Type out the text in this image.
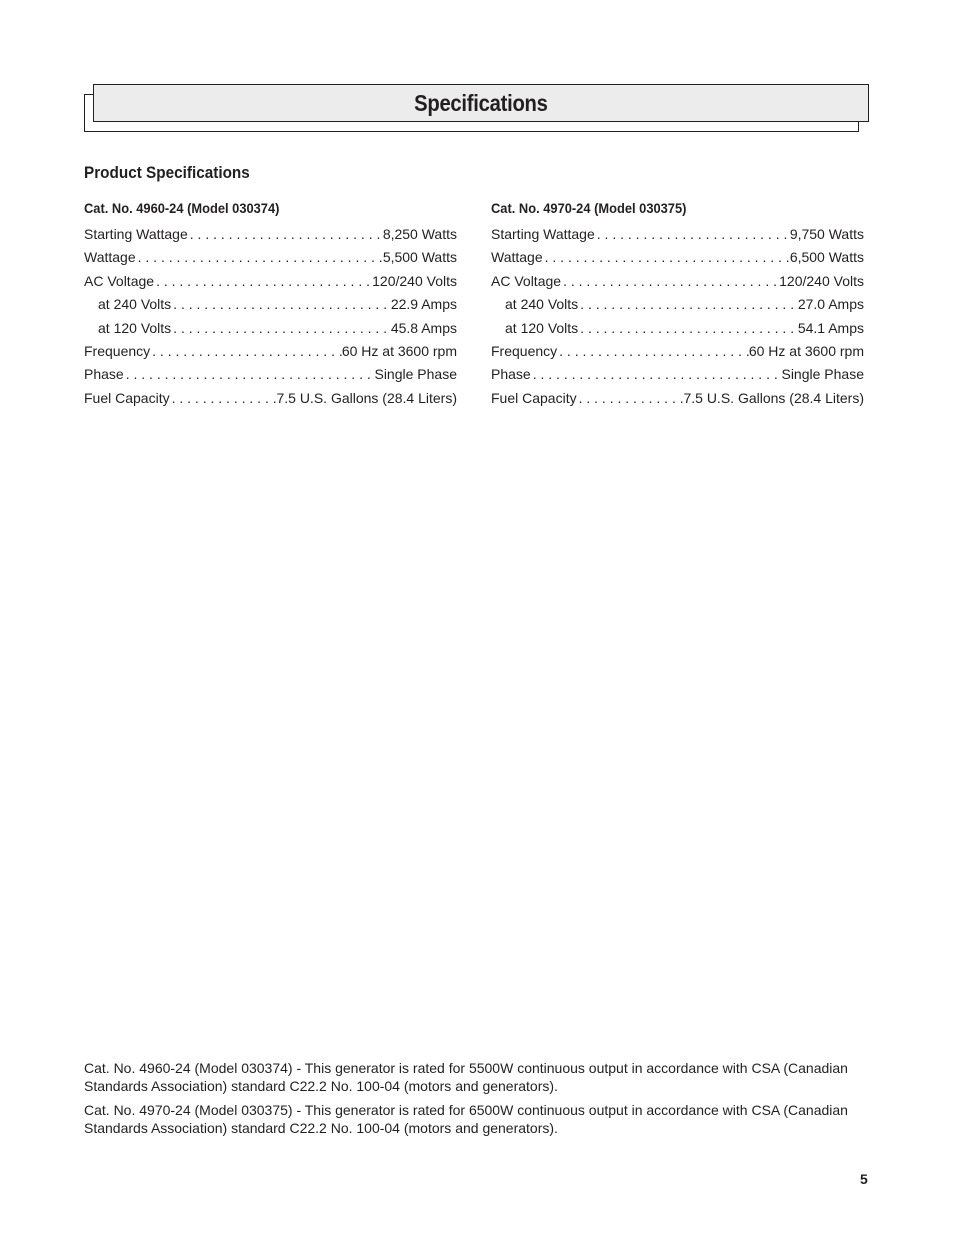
Specifications
Product Specifications
Cat. No. 4960-24 (Model 030374)
Starting Wattage . . .	8,250 Watts
Wattage . . .	5,500 Watts
AC Voltage . . .	120/240 Volts
at 240 Volts . . .	22.9 Amps
at 120 Volts . . .	45.8 Amps
Frequency . . .	60 Hz at 3600 rpm
Phase . . .	Single Phase
Fuel Capacity . . .	7.5 U.S. Gallons (28.4 Liters)
Cat. No. 4970-24 (Model 030375)
Starting Wattage . . .	9,750 Watts
Wattage . . .	6,500 Watts
AC Voltage . . .	120/240 Volts
at 240 Volts . . .	27.0 Amps
at 120 Volts . . .	54.1 Amps
Frequency . . .	60 Hz at 3600 rpm
Phase . . .	Single Phase
Fuel Capacity . . .	7.5 U.S. Gallons (28.4 Liters)

Cat. No. 4960-24 (Model 030374) - This generator is rated for 5500W continuous output in accordance with CSA (Canadian Standards Association) standard C22.2 No. 100-04 (motors and generators).

Cat. No. 4970-24 (Model 030375) - This generator is rated for 6500W continuous output in accordance with CSA (Canadian Standards Association) standard C22.2 No. 100-04 (motors and generators).

5
